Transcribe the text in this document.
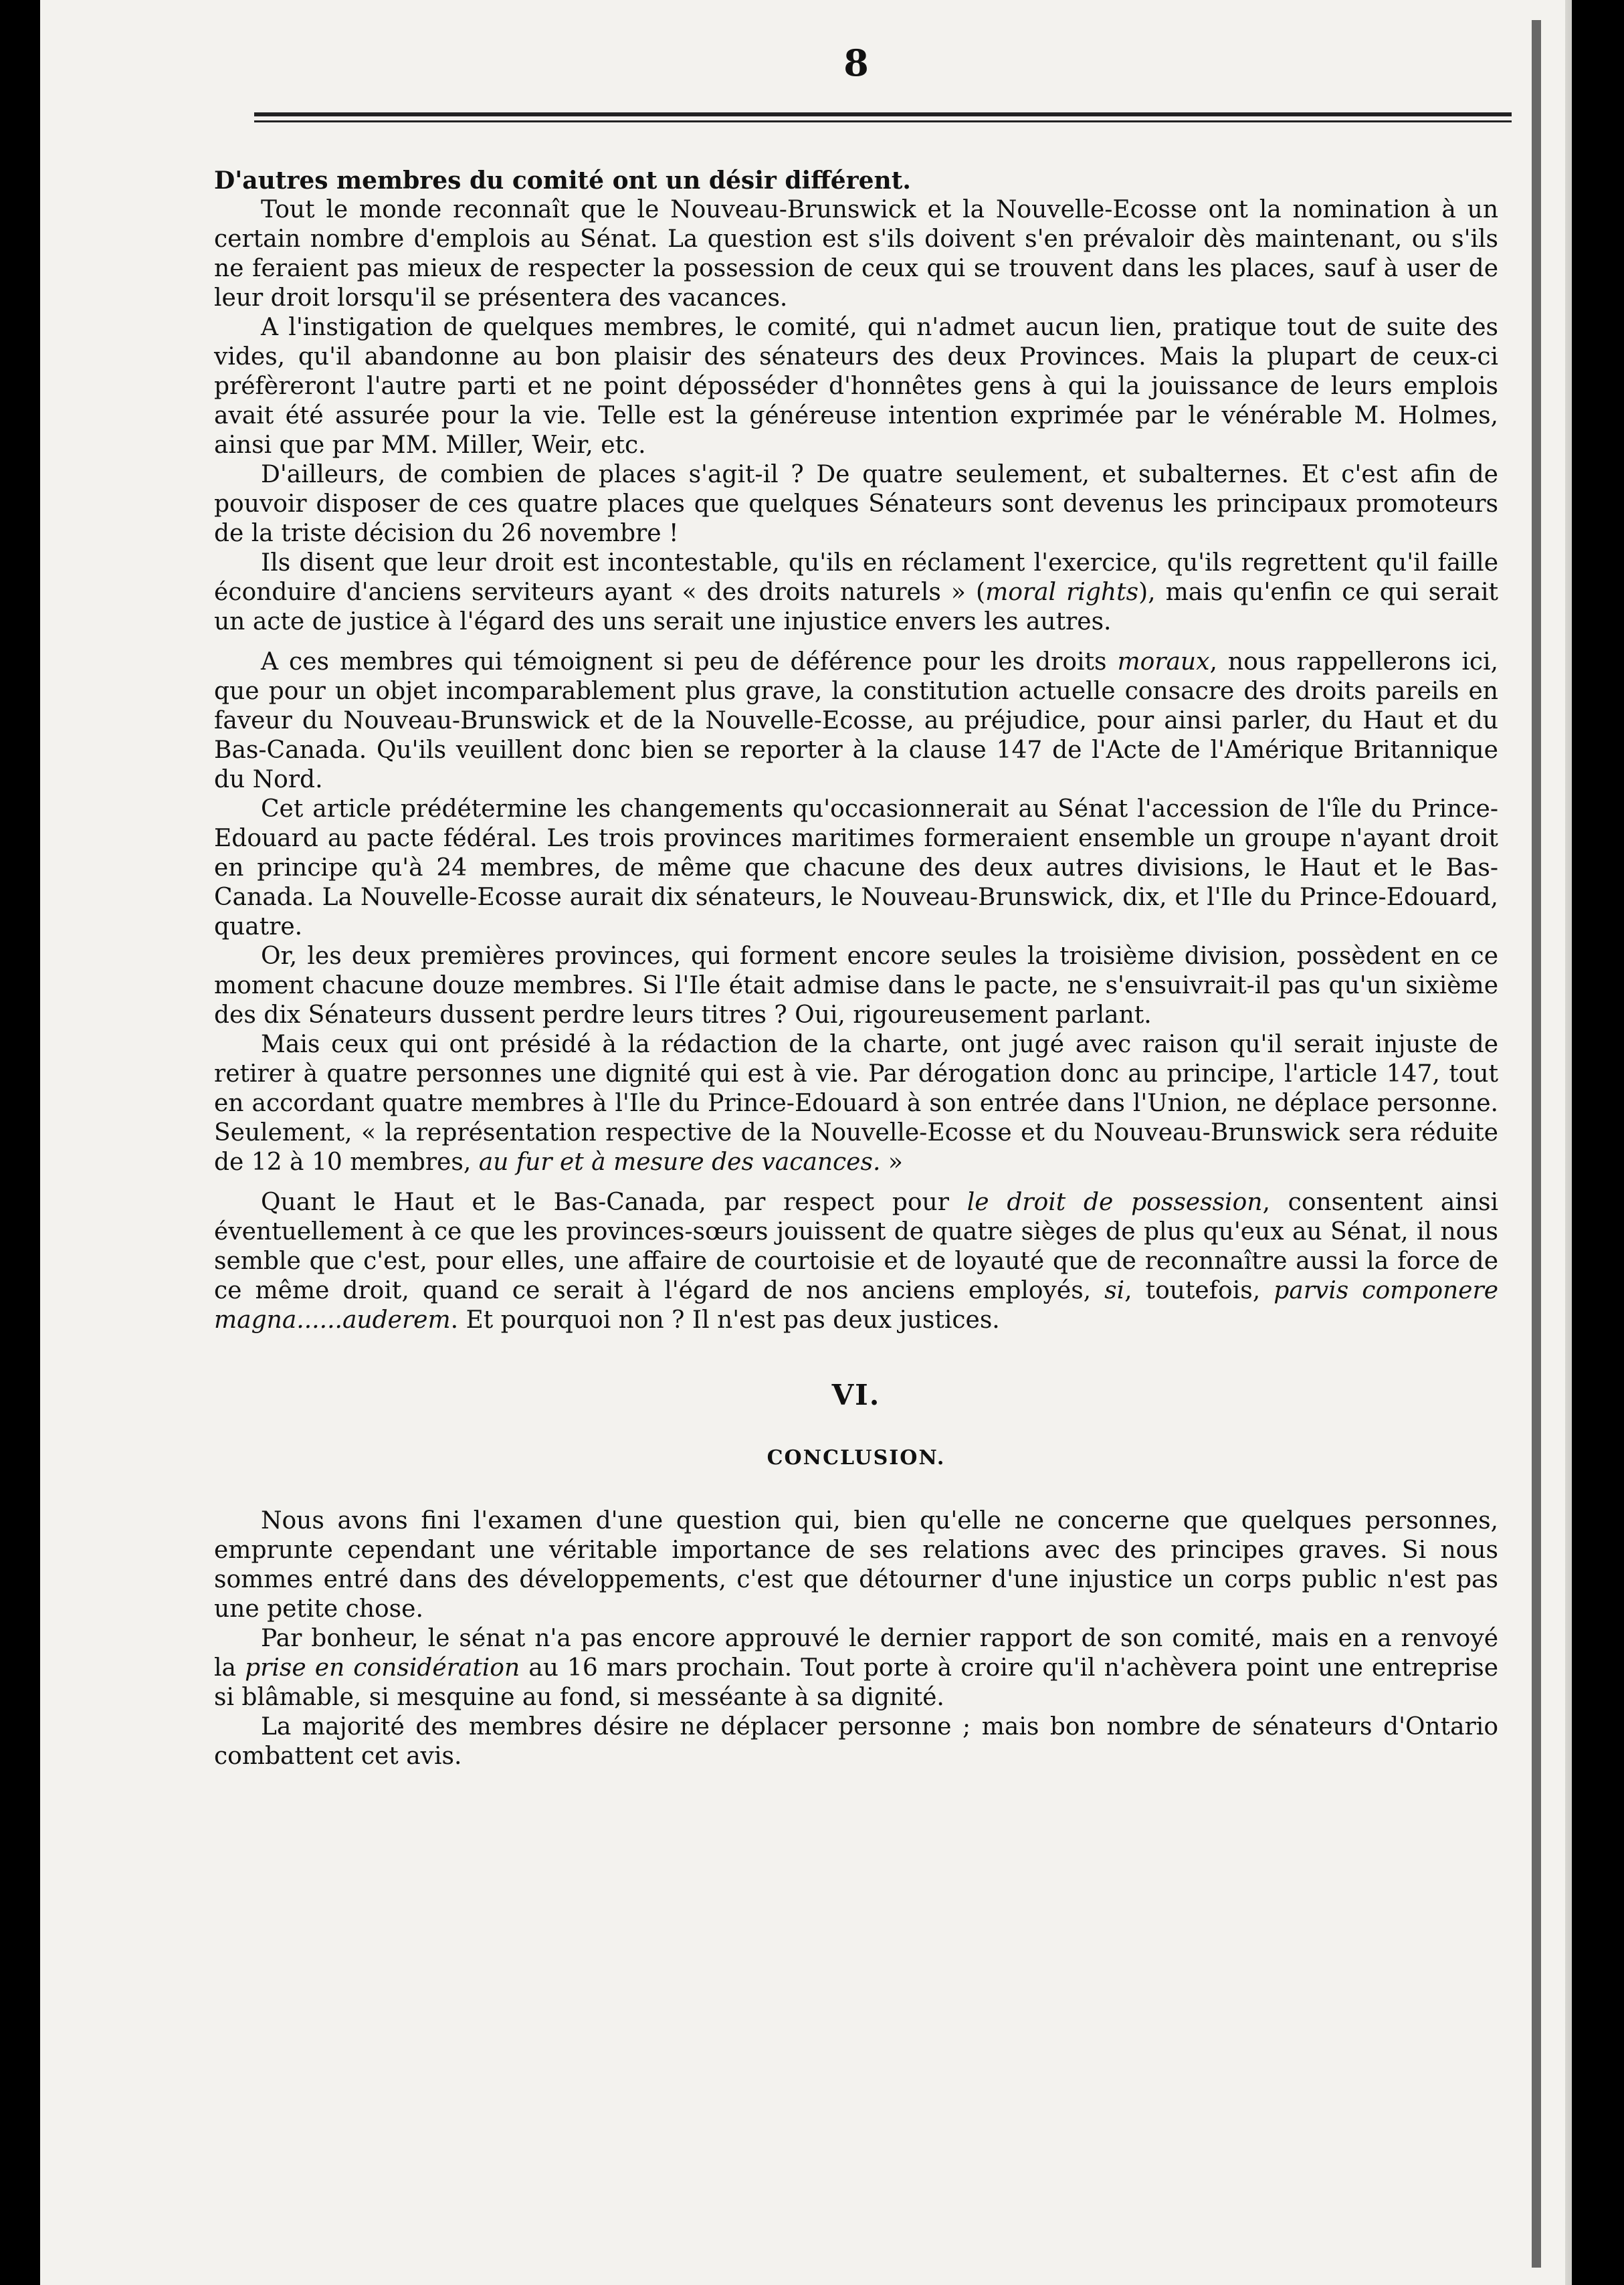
8

D'autres membres du comité ont un désir différent.

Tout le monde reconnaît que le Nouveau-Brunswick et la Nouvelle-Ecosse ont la nomination à un certain nombre d'emplois au Sénat. La question est s'ils doivent s'en prévaloir dès maintenant, ou s'ils ne feraient pas mieux de respecter la possession de ceux qui se trouvent dans les places, sauf à user de leur droit lorsqu'il se présentera des vacances.

A l'instigation de quelques membres, le comité, qui n'admet aucun lien, pratique tout de suite des vides, qu'il abandonne au bon plaisir des sénateurs des deux Provinces. Mais la plupart de ceux-ci préfèreront l'autre parti et ne point déposséder d'honnêtes gens à qui la jouissance de leurs emplois avait été assurée pour la vie. Telle est la généreuse intention exprimée par le vénérable M. Holmes, ainsi que par MM. Miller, Weir, etc.

D'ailleurs, de combien de places s'agit-il ? De quatre seulement, et subalternes. Et c'est afin de pouvoir disposer de ces quatre places que quelques Sénateurs sont devenus les principaux promoteurs de la triste décision du 26 novembre !

Ils disent que leur droit est incontestable, qu'ils en réclament l'exercice, qu'ils regrettent qu'il faille éconduire d'anciens serviteurs ayant « des droits naturels » (moral rights), mais qu'enfin ce qui serait un acte de justice à l'égard des uns serait une injustice envers les autres.

A ces membres qui témoignent si peu de déférence pour les droits moraux, nous rappellerons ici, que pour un objet incomparablement plus grave, la constitution actuelle consacre des droits pareils en faveur du Nouveau-Brunswick et de la Nouvelle-Ecosse, au préjudice, pour ainsi parler, du Haut et du Bas-Canada. Qu'ils veuillent donc bien se reporter à la clause 147 de l'Acte de l'Amérique Britannique du Nord.

Cet article prédétermine les changements qu'occasionnerait au Sénat l'accession de l'île du Prince-Edouard au pacte fédéral. Les trois provinces maritimes formeraient ensemble un groupe n'ayant droit en principe qu'à 24 membres, de même que chacune des deux autres divisions, le Haut et le Bas-Canada. La Nouvelle-Ecosse aurait dix sénateurs, le Nouveau-Brunswick, dix, et l'Ile du Prince-Edouard, quatre.

Or, les deux premières provinces, qui forment encore seules la troisième division, possèdent en ce moment chacune douze membres. Si l'Ile était admise dans le pacte, ne s'ensuivrait-il pas qu'un sixième des dix Sénateurs dussent perdre leurs titres ? Oui, rigoureusement parlant.

Mais ceux qui ont présidé à la rédaction de la charte, ont jugé avec raison qu'il serait injuste de retirer à quatre personnes une dignité qui est à vie. Par dérogation donc au principe, l'article 147, tout en accordant quatre membres à l'Ile du Prince-Edouard à son entrée dans l'Union, ne déplace personne. Seulement, « la représentation respective de la Nouvelle-Ecosse et du Nouveau-Brunswick sera réduite de 12 à 10 membres, au fur et à mesure des vacances. »

Quant le Haut et le Bas-Canada, par respect pour le droit de possession, consentent ainsi éventuellement à ce que les provinces-sœurs jouissent de quatre sièges de plus qu'eux au Sénat, il nous semble que c'est, pour elles, une affaire de courtoisie et de loyauté que de reconnaître aussi la force de ce même droit, quand ce serait à l'égard de nos anciens employés, si, toutefois, parvis componere magna......auderem. Et pourquoi non ? Il n'est pas deux justices.

VI.

CONCLUSION.

Nous avons fini l'examen d'une question qui, bien qu'elle ne concerne que quelques personnes, emprunte cependant une véritable importance de ses relations avec des principes graves. Si nous sommes entré dans des développements, c'est que détourner d'une injustice un corps public n'est pas une petite chose.

Par bonheur, le sénat n'a pas encore approuvé le dernier rapport de son comité, mais en a renvoyé la prise en considération au 16 mars prochain. Tout porte à croire qu'il n'achèvera point une entreprise si blâmable, si mesquine au fond, si messéante à sa dignité.

La majorité des membres désire ne déplacer personne ; mais bon nombre de sénateurs d'Ontario combattent cet avis.
